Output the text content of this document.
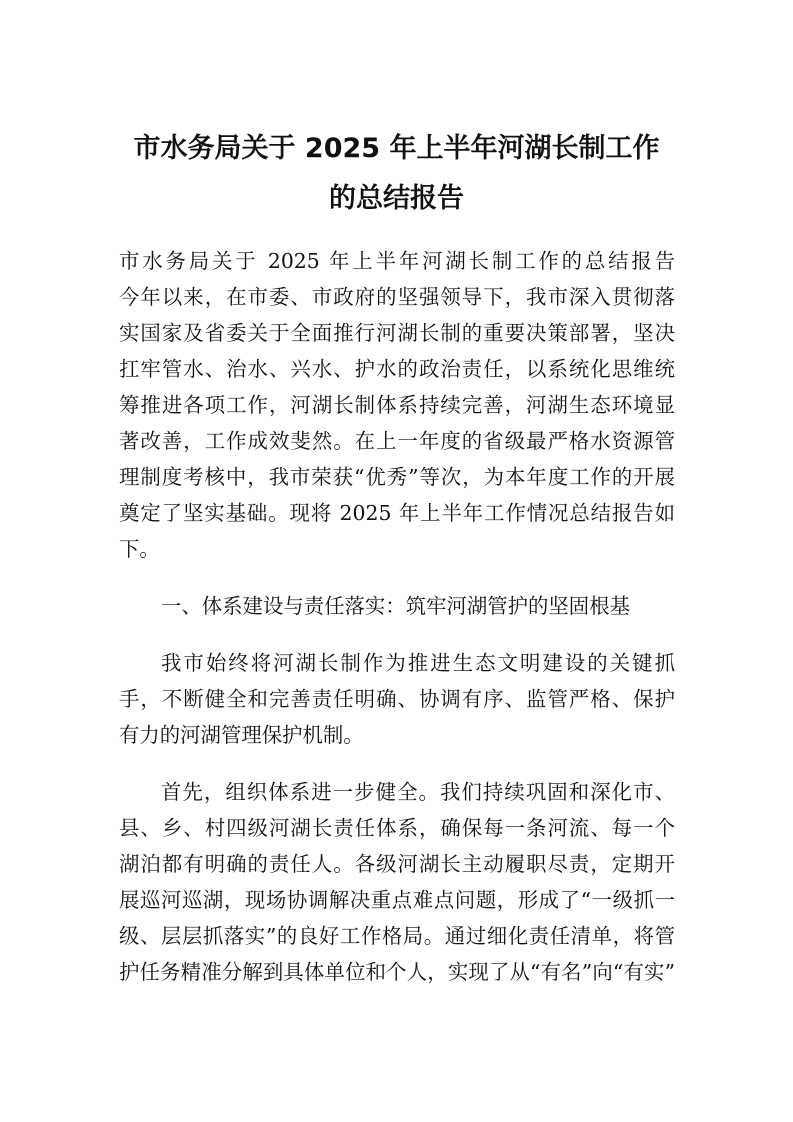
市水务局关于 2025 年上半年河湖长制工作
的总结报告
市水务局关于 2025 年上半年河湖长制工作的总结报告
今年以来，在市委、市政府的坚强领导下，我市深入贯彻落
实国家及省委关于全面推行河湖长制的重要决策部署，坚决
扛牢管水、治水、兴水、护水的政治责任，以系统化思维统
筹推进各项工作，河湖长制体系持续完善，河湖生态环境显
著改善，工作成效斐然。在上一年度的省级最严格水资源管
理制度考核中，我市荣获“优秀”等次，为本年度工作的开展
奠定了坚实基础。现将 2025 年上半年工作情况总结报告如
下。
一、体系建设与责任落实：筑牢河湖管护的坚固根基
我市始终将河湖长制作为推进生态文明建设的关键抓
手，不断健全和完善责任明确、协调有序、监管严格、保护
有力的河湖管理保护机制。
首先，组织体系进一步健全。我们持续巩固和深化市、
县、乡、村四级河湖长责任体系，确保每一条河流、每一个
湖泊都有明确的责任人。各级河湖长主动履职尽责，定期开
展巡河巡湖，现场协调解决重点难点问题，形成了“一级抓一
级、层层抓落实”的良好工作格局。通过细化责任清单，将管
护任务精准分解到具体单位和个人，实现了从“有名”向“有实”
